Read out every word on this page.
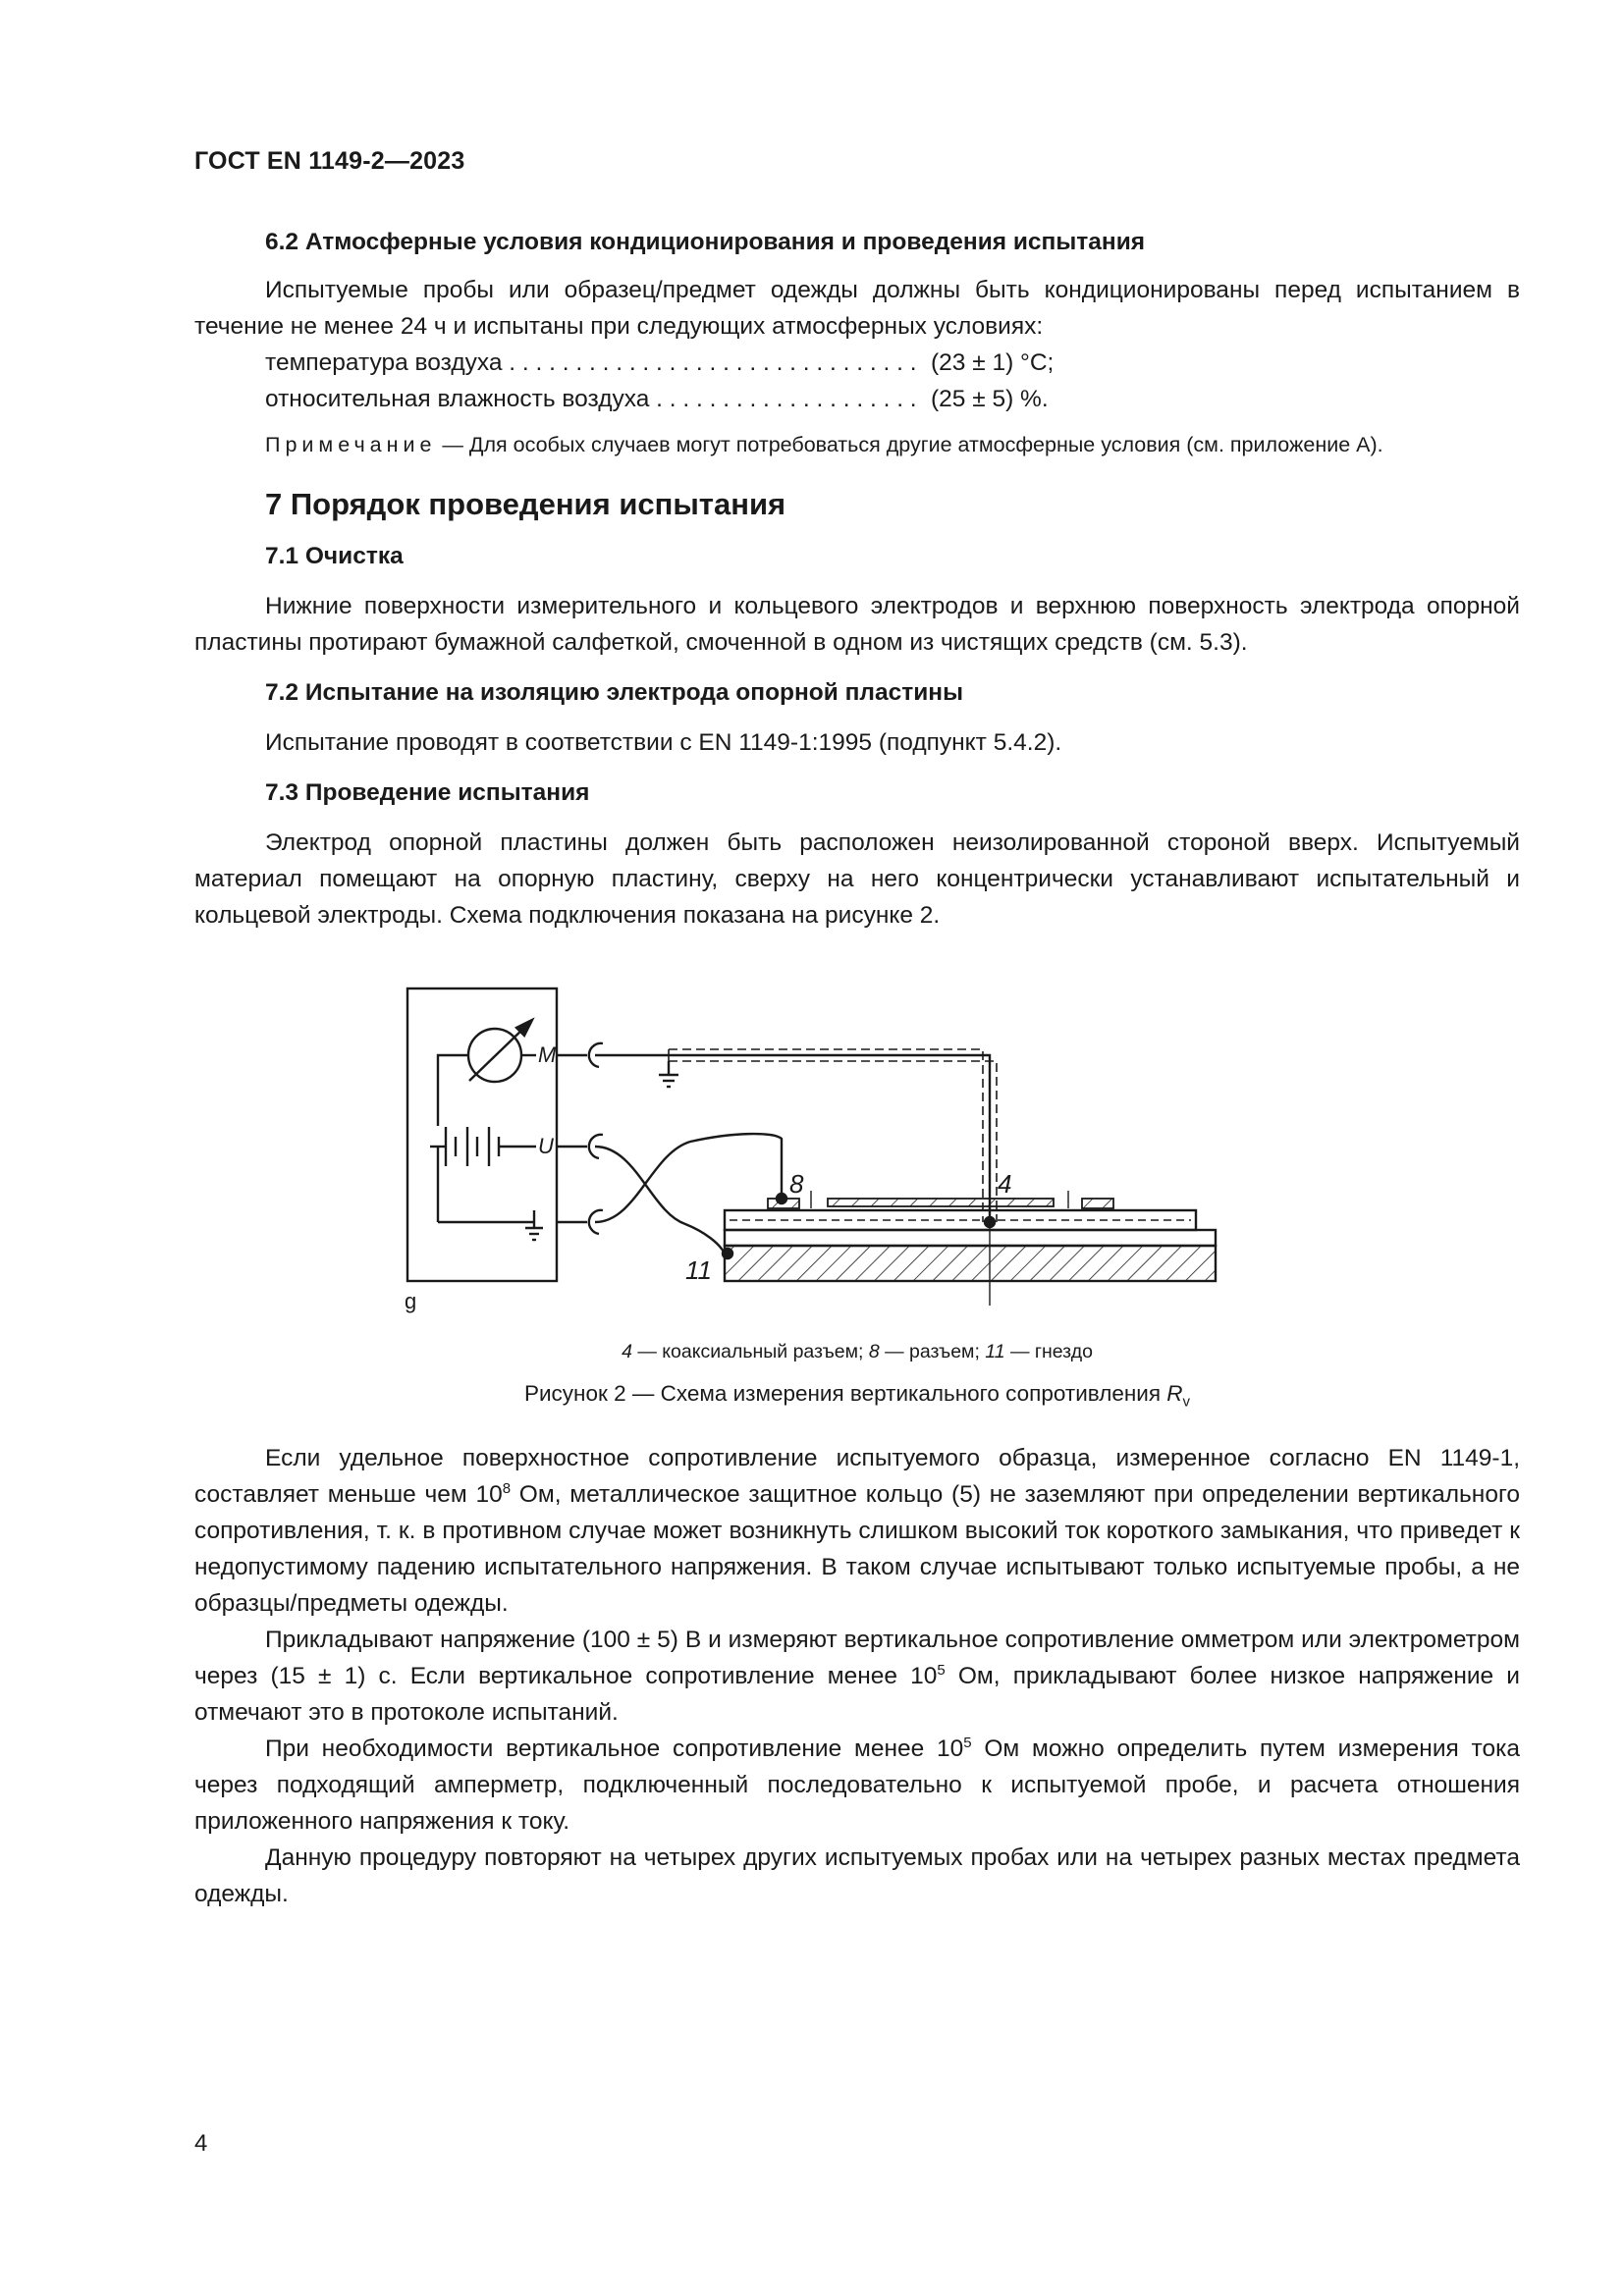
ГОСТ EN 1149-2—2023

6.2 Атмосферные условия кондиционирования и проведения испытания

Испытуемые пробы или образец/предмет одежды должны быть кондиционированы перед испытанием в течение не менее 24 ч и испытаны при следующих атмосферных условиях:

температура воздуха . . .	(23 ± 1) °С;
относительная влажность воздуха . . .	(25 ± 5) %.

Примечание — Для особых случаев могут потребоваться другие атмосферные условия (см. приложение А).

7 Порядок проведения испытания

7.1 Очистка

Нижние поверхности измерительного и кольцевого электродов и верхнюю поверхность электрода опорной пластины протирают бумажной салфеткой, смоченной в одном из чистящих средств (см. 5.3).

7.2 Испытание на изоляцию электрода опорной пластины

Испытание проводят в соответствии с EN 1149-1:1995 (подпункт 5.4.2).

7.3 Проведение испытания

Электрод опорной пластины должен быть расположен неизолированной стороной вверх. Испытуемый материал помещают на опорную пластину, сверху на него концентрически устанавливают испытательный и кольцевой электроды. Схема подключения показана на рисунке 2.

M
U
g
8	4
11
4 — коаксиальный разъем; 8 — разъем; 11 — гнездо
Рисунок 2 — Схема измерения вертикального сопротивления $R_v$

Если удельное поверхностное сопротивление испытуемого образца, измеренное согласно EN 1149-1, составляет меньше чем $10^8$ Ом, металлическое защитное кольцо (5) не заземляют при определении вертикального сопротивления, т. к. в противном случае может возникнуть слишком высокий ток короткого замыкания, что приведет к недопустимому падению испытательного напряжения. В таком случае испытывают только испытуемые пробы, а не образцы/предметы одежды.

Прикладывают напряжение (100 ± 5) В и измеряют вертикальное сопротивление омметром или электрометром через (15 ± 1) с. Если вертикальное сопротивление менее $10^5$ Ом, прикладывают более низкое напряжение и отмечают это в протоколе испытаний.

При необходимости вертикальное сопротивление менее $10^5$ Ом можно определить путем измерения тока через подходящий амперметр, подключенный последовательно к испытуемой пробе, и расчета отношения приложенного напряжения к току.

Данную процедуру повторяют на четырех других испытуемых пробах или на четырех разных местах предмета одежды.

4
